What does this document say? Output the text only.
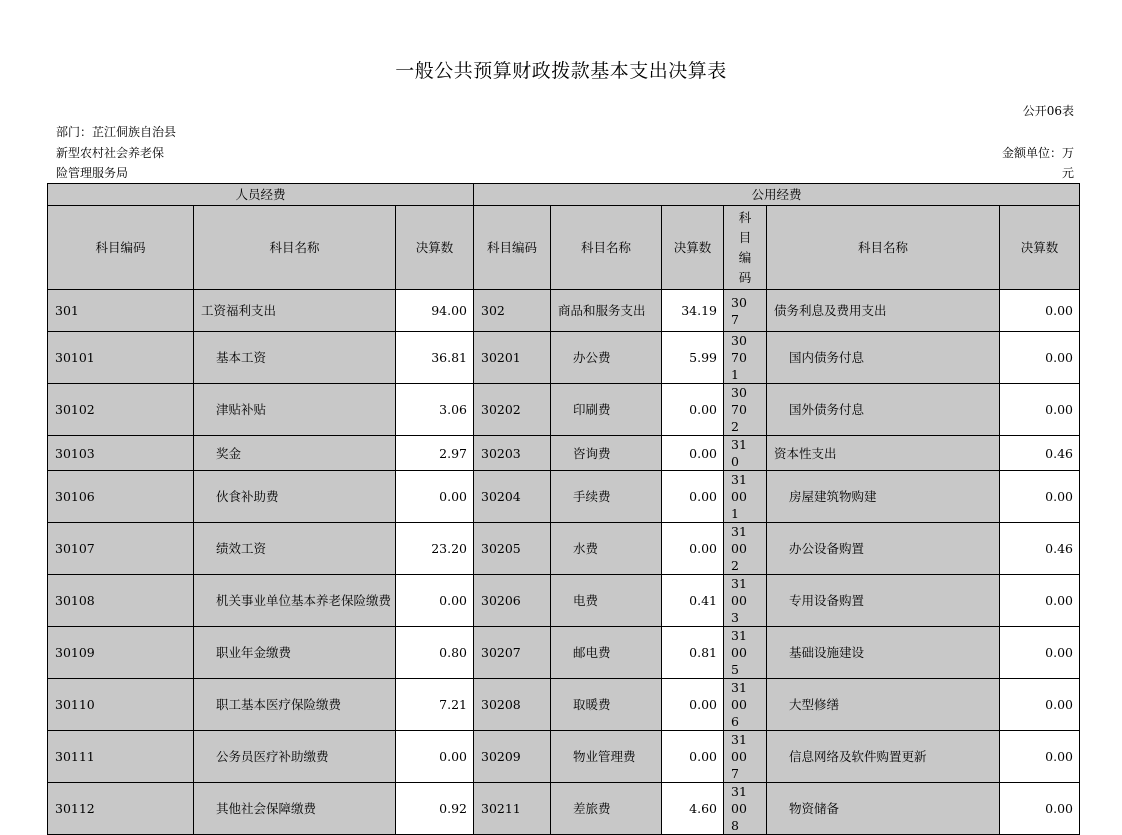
一般公共预算财政拨款基本支出决算表
公开06表
部门：芷江侗族自治县
新型农村社会养老保
险管理服务局
金额单位：万
元
人员经费			公用经费					
科目编码	科目名称	决算数	科目编码	科目名称	决算数	科目编码	科目名称	决算数
301	工资福利支出	94.00	302	商品和服务支出	34.19	307	债务利息及费用支出	0.00
30101	基本工资	36.81	30201	办公费	5.99	30701	国内债务付息	0.00
30102	津贴补贴	3.06	30202	印刷费	0.00	30702	国外债务付息	0.00
30103	奖金	2.97	30203	咨询费	0.00	310	资本性支出	0.46
30106	伙食补助费	0.00	30204	手续费	0.00	31001	房屋建筑物购建	0.00
30107	绩效工资	23.20	30205	水费	0.00	31002	办公设备购置	0.46
30108	机关事业单位基本养老保险缴费	0.00	30206	电费	0.41	31003	专用设备购置	0.00
30109	职业年金缴费	0.80	30207	邮电费	0.81	31005	基础设施建设	0.00
30110	职工基本医疗保险缴费	7.21	30208	取暖费	0.00	31006	大型修缮	0.00
30111	公务员医疗补助缴费	0.00	30209	物业管理费	0.00	31007	信息网络及软件购置更新	0.00
30112	其他社会保障缴费	0.92	30211	差旅费	4.60	31008	物资储备	0.00
